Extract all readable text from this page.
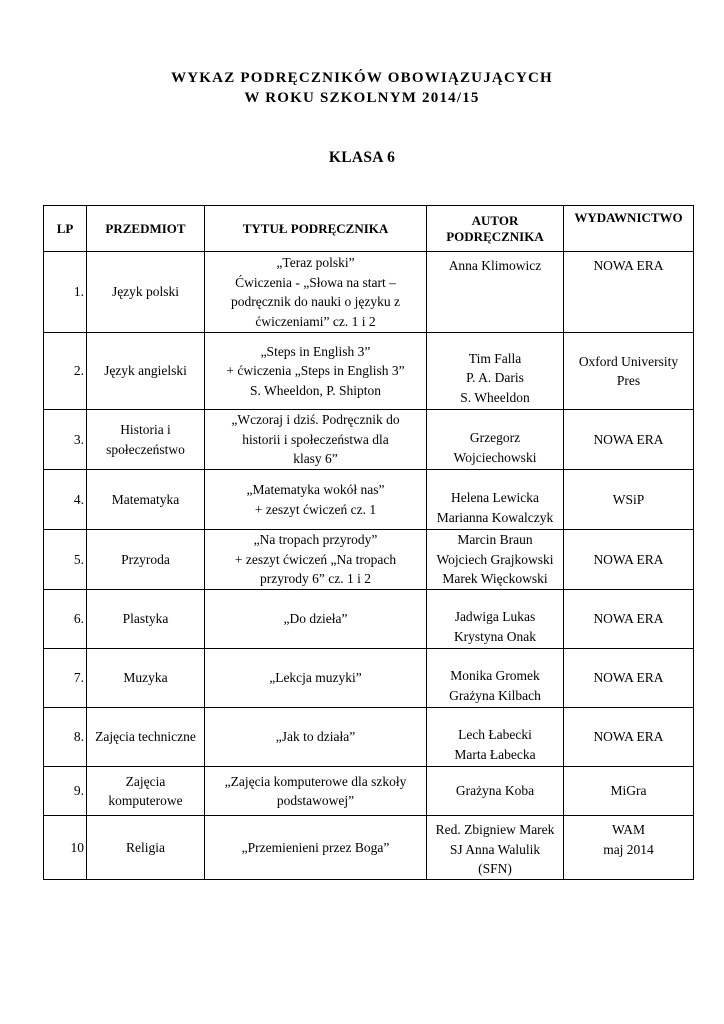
WYKAZ PODRĘCZNIKÓW OBOWIĄZUJĄCYCH
W ROKU SZKOLNYM 2014/15
KLASA 6
LP	PRZEDMIOT	TYTUŁ PODRĘCZNIKA	AUTOR
PODRĘCZNIKA	WYDAWNICTWO
1.	Język polski	„Teraz polski”
Ćwiczenia - „Słowa na start –
podręcznik do nauki o języku z
ćwiczeniami” cz. 1 i 2	Anna Klimowicz	NOWA ERA

2.	Język angielski	„Steps in English 3”
+ ćwiczenia „Steps in English 3”
S. Wheeldon, P. Shipton	Tim Falla
P. A. Daris
S. Wheeldon	Oxford University
Pres

3.	Historia i
społeczeństwo	„Wczoraj i dziś. Podręcznik do
historii i społeczeństwa dla
klasy 6”	Grzegorz
Wojciechowski	NOWA ERA

4.	Matematyka	„Matematyka wokół nas”
+ zeszyt ćwiczeń cz. 1	Helena Lewicka
Marianna Kowalczyk	WSiP

5.	Przyroda	„Na tropach przyrody”
+ zeszyt ćwiczeń „Na tropach
przyrody 6” cz. 1 i 2	Marcin Braun
Wojciech Grajkowski
Marek Więckowski	NOWA ERA

6.	Plastyka	„Do dzieła”	Jadwiga Lukas
Krystyna Onak	NOWA ERA

7.	Muzyka	„Lekcja muzyki”	Monika Gromek
Grażyna Kilbach	NOWA ERA

8.	Zajęcia techniczne	„Jak to działa”	Lech Łabecki
Marta Łabecka	NOWA ERA

9.	Zajęcia
komputerowe	„Zajęcia komputerowe dla szkoły
podstawowej”	Grażyna Koba	MiGra

10	Religia	„Przemienieni przez Boga”	Red. Zbigniew Marek
SJ Anna Walulik
(SFN)	WAM
maj 2014
